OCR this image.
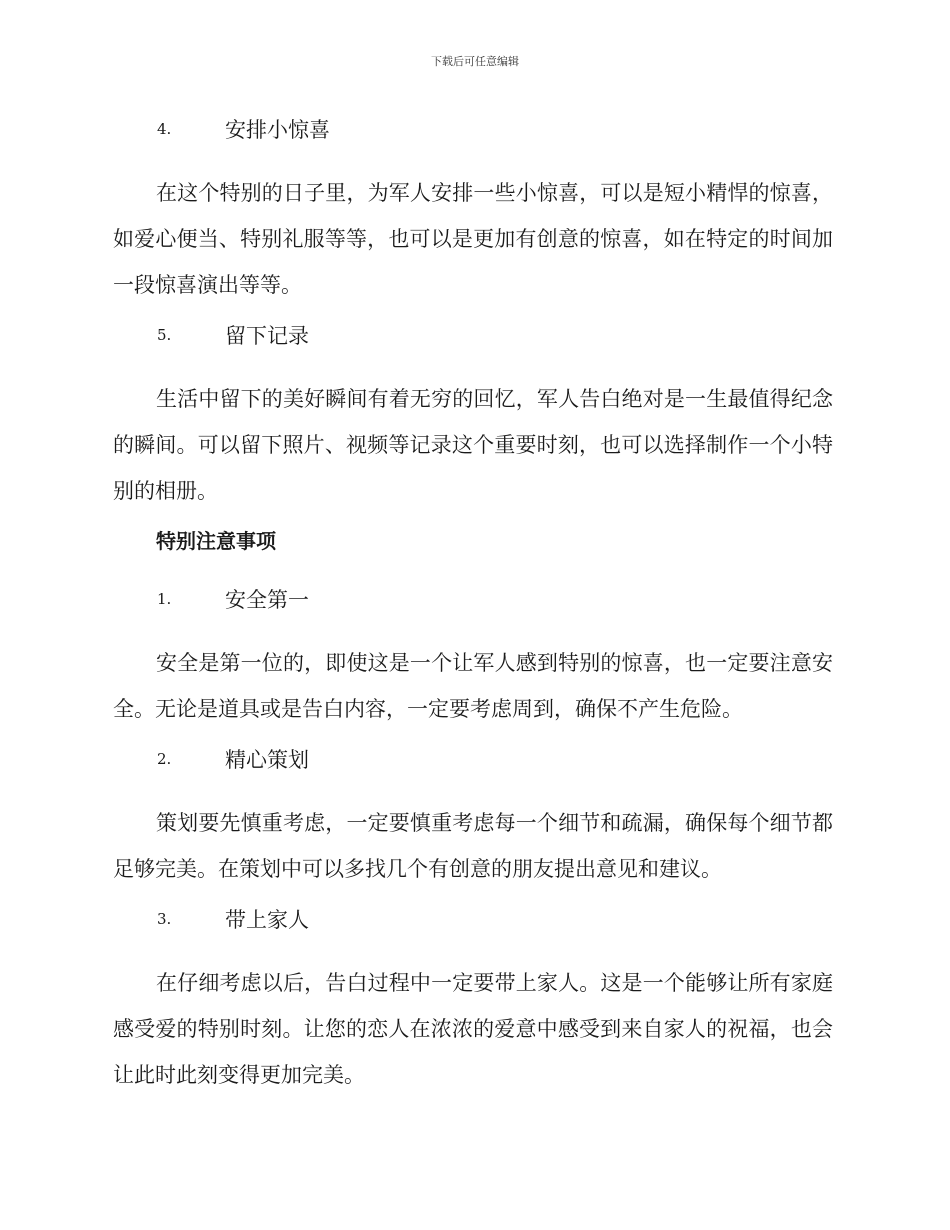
下载后可任意编辑
4.	安排小惊喜

在这个特别的日子里，为军人安排一些小惊喜，可以是短小精悍的惊喜，如爱心便当、特别礼服等等，也可以是更加有创意的惊喜，如在特定的时间加一段惊喜演出等等。

5.	留下记录

生活中留下的美好瞬间有着无穷的回忆，军人告白绝对是一生最值得纪念的瞬间。可以留下照片、视频等记录这个重要时刻，也可以选择制作一个小特别的相册。

特别注意事项
1.	安全第一

安全是第一位的，即使这是一个让军人感到特别的惊喜，也一定要注意安全。无论是道具或是告白内容，一定要考虑周到，确保不产生危险。

2.	精心策划

策划要先慎重考虑，一定要慎重考虑每一个细节和疏漏，确保每个细节都足够完美。在策划中可以多找几个有创意的朋友提出意见和建议。

3.	带上家人

在仔细考虑以后，告白过程中一定要带上家人。这是一个能够让所有家庭感受爱的特别时刻。让您的恋人在浓浓的爱意中感受到来自家人的祝福，也会让此时此刻变得更加完美。
